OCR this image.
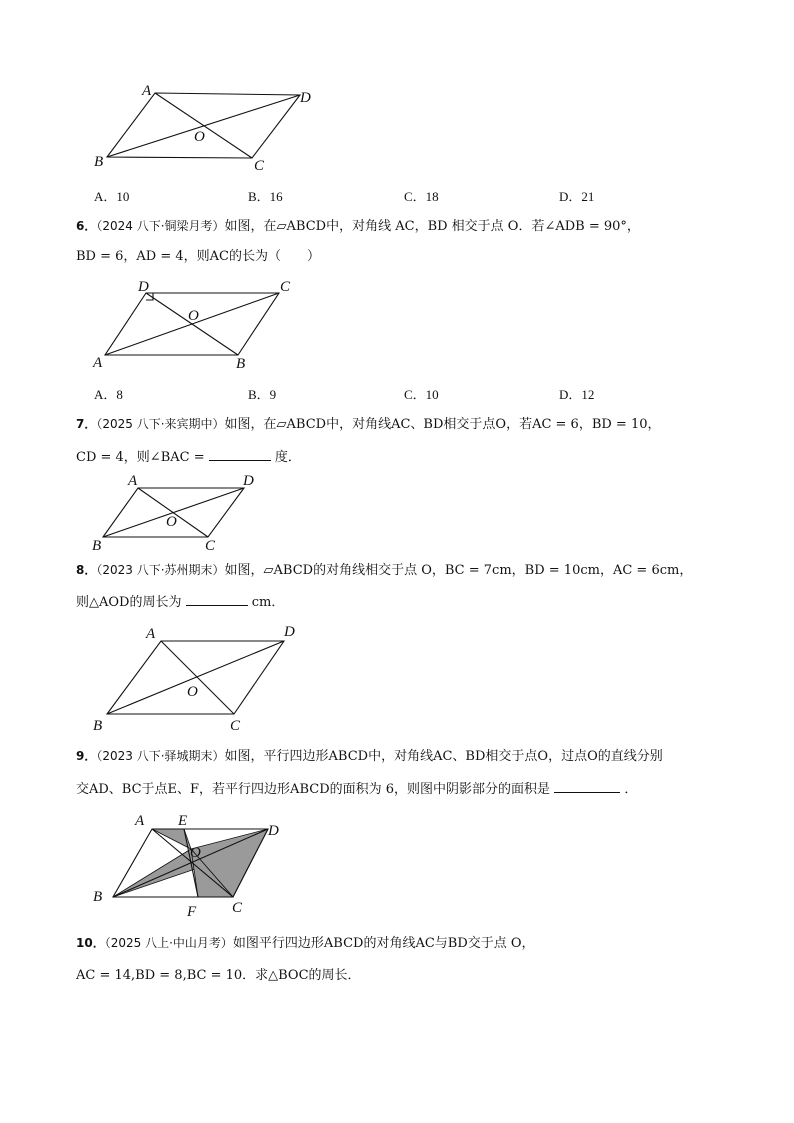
A
B	C
D
O
A．10	B．16	C．18	D．21
6．（2024 八下·铜梁月考）如图，在▱ABCD中，对角线 AC，BD 相交于点 O．若∠ADB = 90°，
BD = 6，AD = 4，则AC的长为（　　）
D	C
O
A	B
A．8	B．9	C．10	D．12
7．（2025 八下·来宾期中）如图，在▱ABCD中，对角线AC、BD相交于点O，若AC = 6，BD = 10，
CD = 4，则∠BAC =	度．
A	D
O
B	C
8．（2023 八下·苏州期末）如图，▱ABCD的对角线相交于点 O，BC = 7cm，BD = 10cm，AC = 6cm，
则△AOD的周长为	cm．
A	D
O
B	C
9．（2023 八下·驿城期末）如图，平行四边形ABCD中，对角线AC、BD相交于点O，过点O的直线分别
交AD、BC于点E、F，若平行四边形ABCD的面积为 6，则图中阴影部分的面积是	．
A E
D
O
B
F C
10．（2025 八上·中山月考）如图平行四边形ABCD的对角线AC与BD交于点 O，
AC = 14,BD = 8,BC = 10．求△BOC的周长．
